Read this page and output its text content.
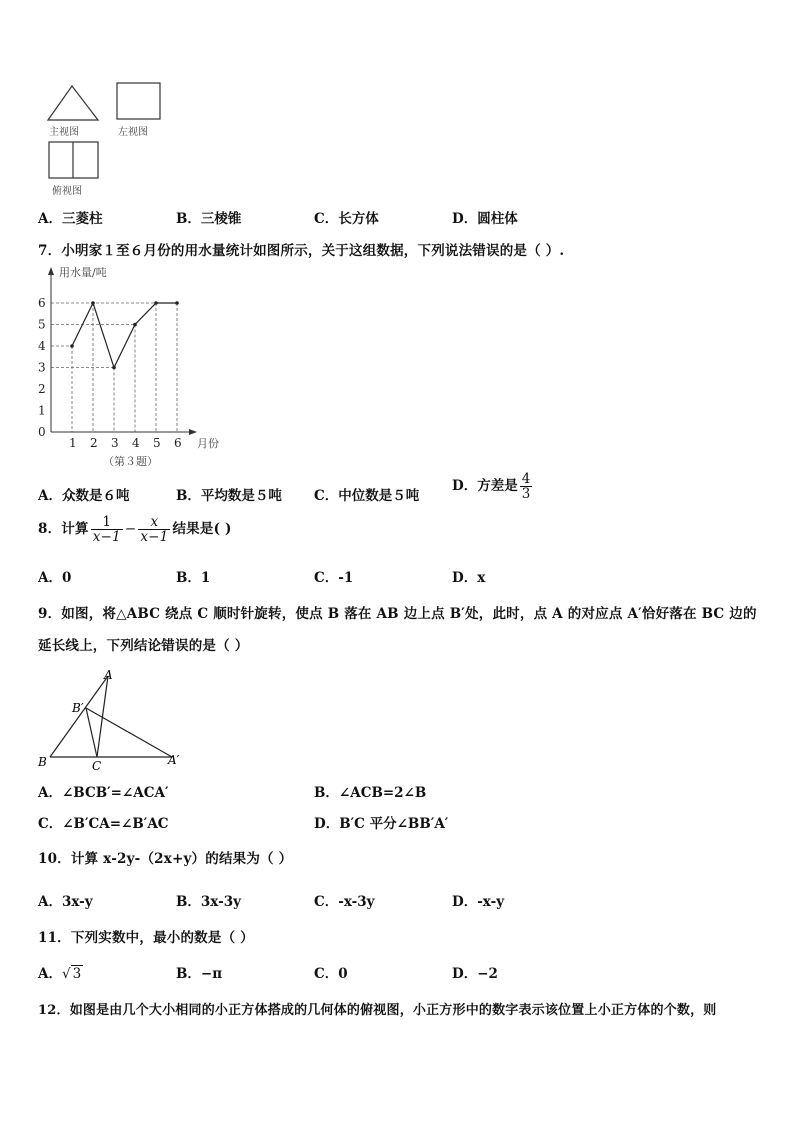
主视图	左视图
俯视图
A．三菱柱	B．三棱锥	C．长方体	D．圆柱体
7．小明家１至６月份的用水量统计如图所示，关于这组数据，下列说法错误的是（ ）.
用水量/吨
月份
（第３题）
0
1
2
3
4
5
6
1 2 3 4 5 6
A．众数是６吨	B．平均数是５吨 C．中位数是５吨
D．方差是 $\frac{4}{3}$
8．计算 $\frac{1}{x-1} - \frac{x}{x-1}$ 结果是( )
A．0	B．1	C．-1	D．x
9．如图，将△ABC 绕点 C 顺时针旋转，使点 B 落在 AB 边上点 B′处，此时，点 A 的对应点 A′恰好落在 BC 边的
延长线上，下列结论错误的是（ ）
A
B′
B	C	A′
A．∠BCB′=∠ACA′	B．∠ACB=2∠B
C．∠B′CA=∠B′AC	D．B′C 平分∠BB′A′
10．计算 x-2y-（2x+y）的结果为（ ）
A．3x-y	B．3x-3y	C．-x-3y	D．-x-y
11．下列实数中，最小的数是（ ）
A．√ 3	B．−π	C．0	D．−2
12．如图是由几个大小相同的小正方体搭成的几何体的俯视图，小正方形中的数字表示该位置上小正方体的个数，则
